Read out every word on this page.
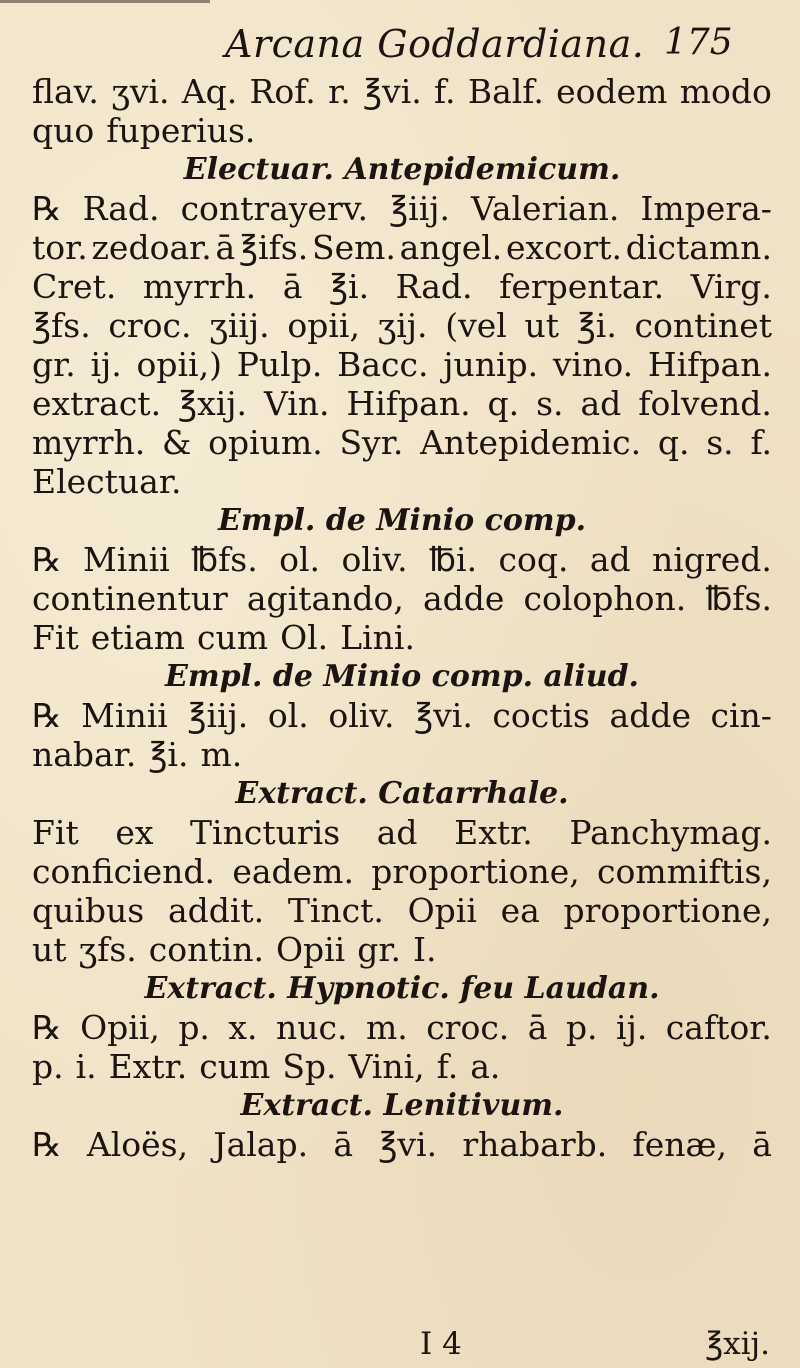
Arcana Goddardiana. 175
flav. ʒvi. Aq. Rof. r. ℥vi. f. Balf. eodem modo
quo fuperius.
Electuar. Antepidemicum.
℞ Rad. contrayerv. ℥iij. Valerian. Impera-
tor. zedoar. ā ℥ifs. Sem. angel. excort. dictamn.
Cret. myrrh. ā ℥i. Rad. ferpentar. Virg.
℥fs. croc. ʒiij. opii, ʒij. (vel ut ℥i. continet
gr. ij. opii,) Pulp. Bacc. junip. vino. Hifpan.
extract. ℥xij. Vin. Hifpan. q. s. ad folvend.
myrrh. & opium. Syr. Antepidemic. q. s. f.
Electuar.
Empl. de Minio comp.
℞ Minii ℔fs. ol. oliv. ℔i. coq. ad nigred.
continentur agitando, adde colophon. ℔fs.
Fit etiam cum Ol. Lini.
Empl. de Minio comp. aliud.
℞ Minii ℥iij. ol. oliv. ℥vi. coctis adde cin-
nabar. ℥i. m.
Extract. Catarrhale.
Fit ex Tincturis ad Extr. Panchymag.
conficiend. eadem. proportione, commiftis,
quibus addit. Tinct. Opii ea proportione,
ut ʒfs. contin. Opii gr. I.
Extract. Hypnotic. feu Laudan.
℞ Opii, p. x. nuc. m. croc. ā p. ij. caftor.
p. i. Extr. cum Sp. Vini, f. a.
Extract. Lenitivum.
℞ Aloës, Jalap. ā ℥vi. rhabarb. fenæ, ā
I 4	℥xij.
